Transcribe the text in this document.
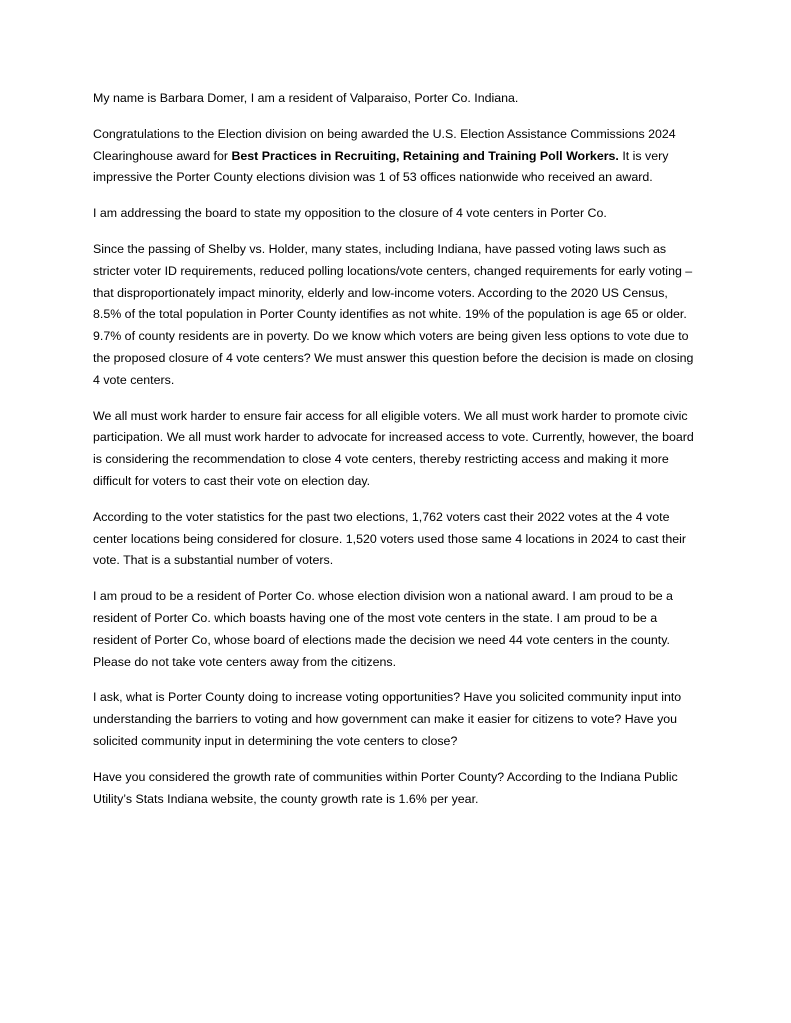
My name is Barbara Domer, I am a resident of Valparaiso, Porter Co. Indiana.

Congratulations to the Election division on being awarded the U.S. Election Assistance Commissions 2024 Clearinghouse award for Best Practices in Recruiting, Retaining and Training Poll Workers. It is very impressive the Porter County elections division was 1 of 53 offices nationwide who received an award.

I am addressing the board to state my opposition to the closure of 4 vote centers in Porter Co.

Since the passing of Shelby vs. Holder, many states, including Indiana, have passed voting laws such as stricter voter ID requirements, reduced polling locations/vote centers, changed requirements for early voting – that disproportionately impact minority, elderly and low-income voters. According to the 2020 US Census, 8.5% of the total population in Porter County identifies as not white. 19% of the population is age 65 or older. 9.7% of county residents are in poverty. Do we know which voters are being given less options to vote due to the proposed closure of 4 vote centers? We must answer this question before the decision is made on closing 4 vote centers.

We all must work harder to ensure fair access for all eligible voters. We all must work harder to promote civic participation. We all must work harder to advocate for increased access to vote. Currently, however, the board is considering the recommendation to close 4 vote centers, thereby restricting access and making it more difficult for voters to cast their vote on election day.

According to the voter statistics for the past two elections, 1,762 voters cast their 2022 votes at the 4 vote center locations being considered for closure. 1,520 voters used those same 4 locations in 2024 to cast their vote. That is a substantial number of voters.

I am proud to be a resident of Porter Co. whose election division won a national award. I am proud to be a resident of Porter Co. which boasts having one of the most vote centers in the state. I am proud to be a resident of Porter Co, whose board of elections made the decision we need 44 vote centers in the county. Please do not take vote centers away from the citizens.

I ask, what is Porter County doing to increase voting opportunities? Have you solicited community input into understanding the barriers to voting and how government can make it easier for citizens to vote? Have you solicited community input in determining the vote centers to close?

Have you considered the growth rate of communities within Porter County? According to the Indiana Public Utility’s Stats Indiana website, the county growth rate is 1.6% per year.
